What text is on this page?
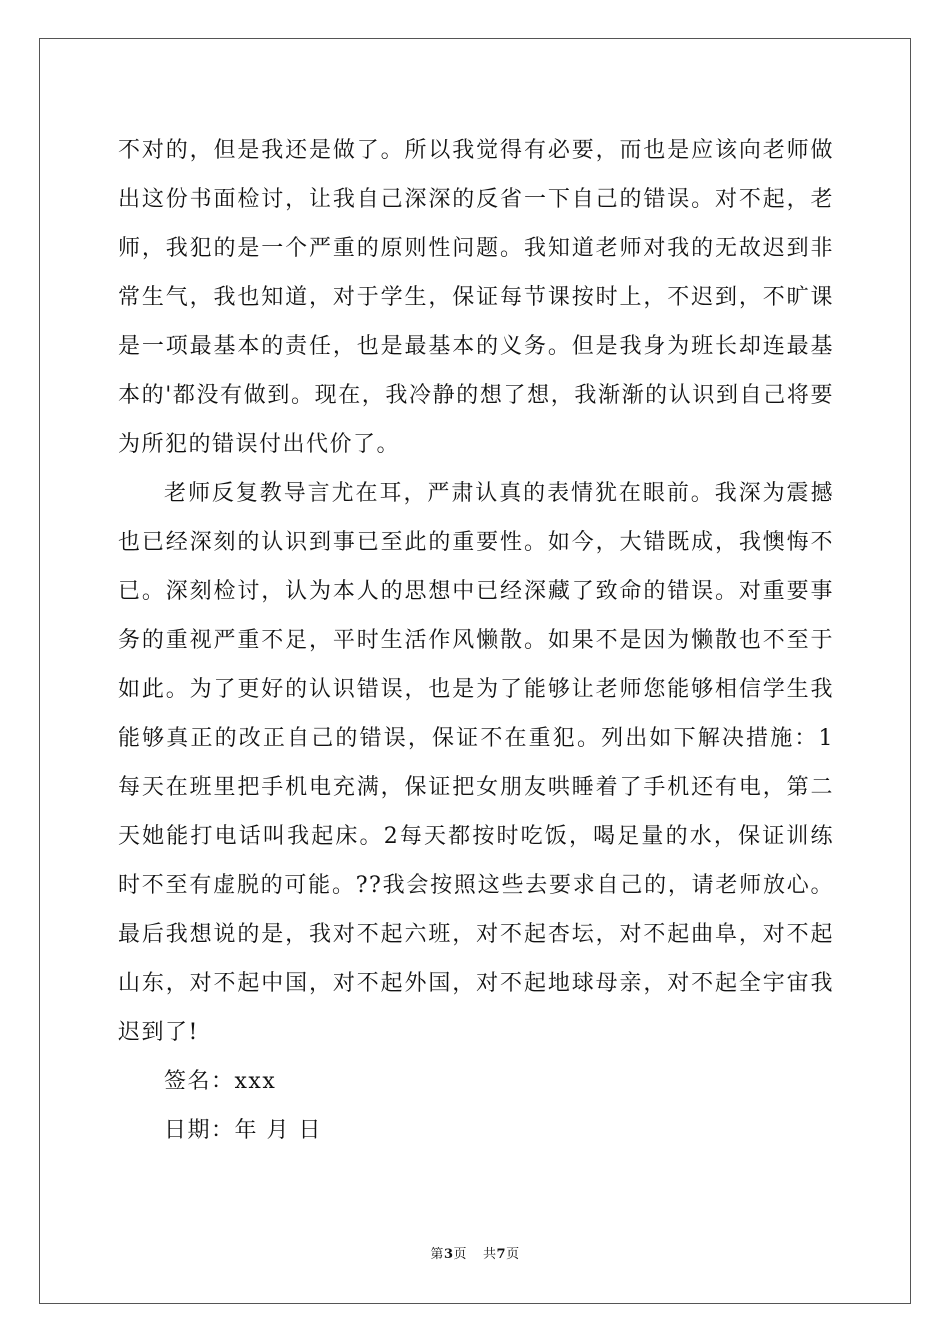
不对的，但是我还是做了。所以我觉得有必要，而也是应该向老师做出这份书面检讨，让我自己深深的反省一下自己的错误。对不起，老师，我犯的是一个严重的原则性问题。我知道老师对我的无故迟到非常生气，我也知道，对于学生，保证每节课按时上，不迟到，不旷课是一项最基本的责任，也是最基本的义务。但是我身为班长却连最基本的'都没有做到。现在，我冷静的想了想，我渐渐的认识到自己将要为所犯的错误付出代价了。

老师反复教导言尤在耳，严肃认真的表情犹在眼前。我深为震撼也已经深刻的认识到事已至此的重要性。如今，大错既成，我懊悔不已。深刻检讨，认为本人的思想中已经深藏了致命的错误。对重要事务的重视严重不足，平时生活作风懒散。如果不是因为懒散也不至于如此。为了更好的认识错误，也是为了能够让老师您能够相信学生我能够真正的改正自己的错误，保证不在重犯。列出如下解决措施：1每天在班里把手机电充满，保证把女朋友哄睡着了手机还有电，第二天她能打电话叫我起床。2每天都按时吃饭，喝足量的水，保证训练时不至有虚脱的可能。??我会按照这些去要求自己的，请老师放心。最后我想说的是，我对不起六班，对不起杏坛，对不起曲阜，对不起山东，对不起中国，对不起外国，对不起地球母亲，对不起全宇宙我迟到了!

签名：xxx

日期：年 月 日

第3页 共7页
